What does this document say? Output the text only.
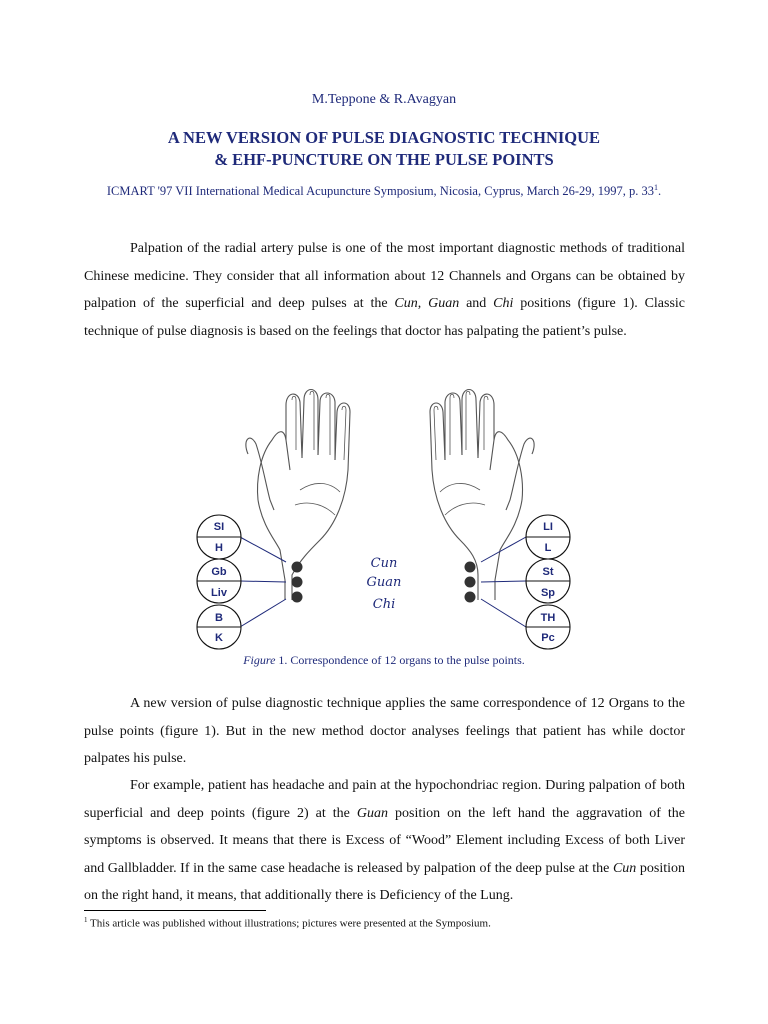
M.Teppone & R.Avagyan
A NEW VERSION OF PULSE DIAGNOSTIC TECHNIQUE
& EHF-PUNCTURE ON THE PULSE POINTS
ICMART '97 VII International Medical Acupuncture Symposium, Nicosia, Cyprus, March 26-29, 1997, p. $33^1$.

Palpation of the radial artery pulse is one of the most important diagnostic methods of traditional Chinese medicine. They consider that all information about 12 Channels and Organs can be obtained by palpation of the superficial and deep pulses at the Cun, Guan and Chi positions (figure 1). Classic technique of pulse diagnosis is based on the feelings that doctor has palpating the patient’s pulse.

SI
H
Gb
Liv
B
K
LI
L
St
Sp
TH
Pc
Cun
Guan
Chi
Figure 1. Correspondence of 12 organs to the pulse points.

A new version of pulse diagnostic technique applies the same correspondence of 12 Organs to the pulse points (figure 1). But in the new method doctor analyses feelings that patient has while doctor palpates his pulse.

For example, patient has headache and pain at the hypochondriac region. During palpation of both superficial and deep points (figure 2) at the Guan position on the left hand the aggravation of the symptoms is observed. It means that there is Excess of “Wood” Element including Excess of both Liver and Gallbladder. If in the same case headache is released by palpation of the deep pulse at the Cun position on the right hand, it means, that additionally there is Deficiency of the Lung.

$^1$ This article was published without illustrations; pictures were presented at the Symposium.
